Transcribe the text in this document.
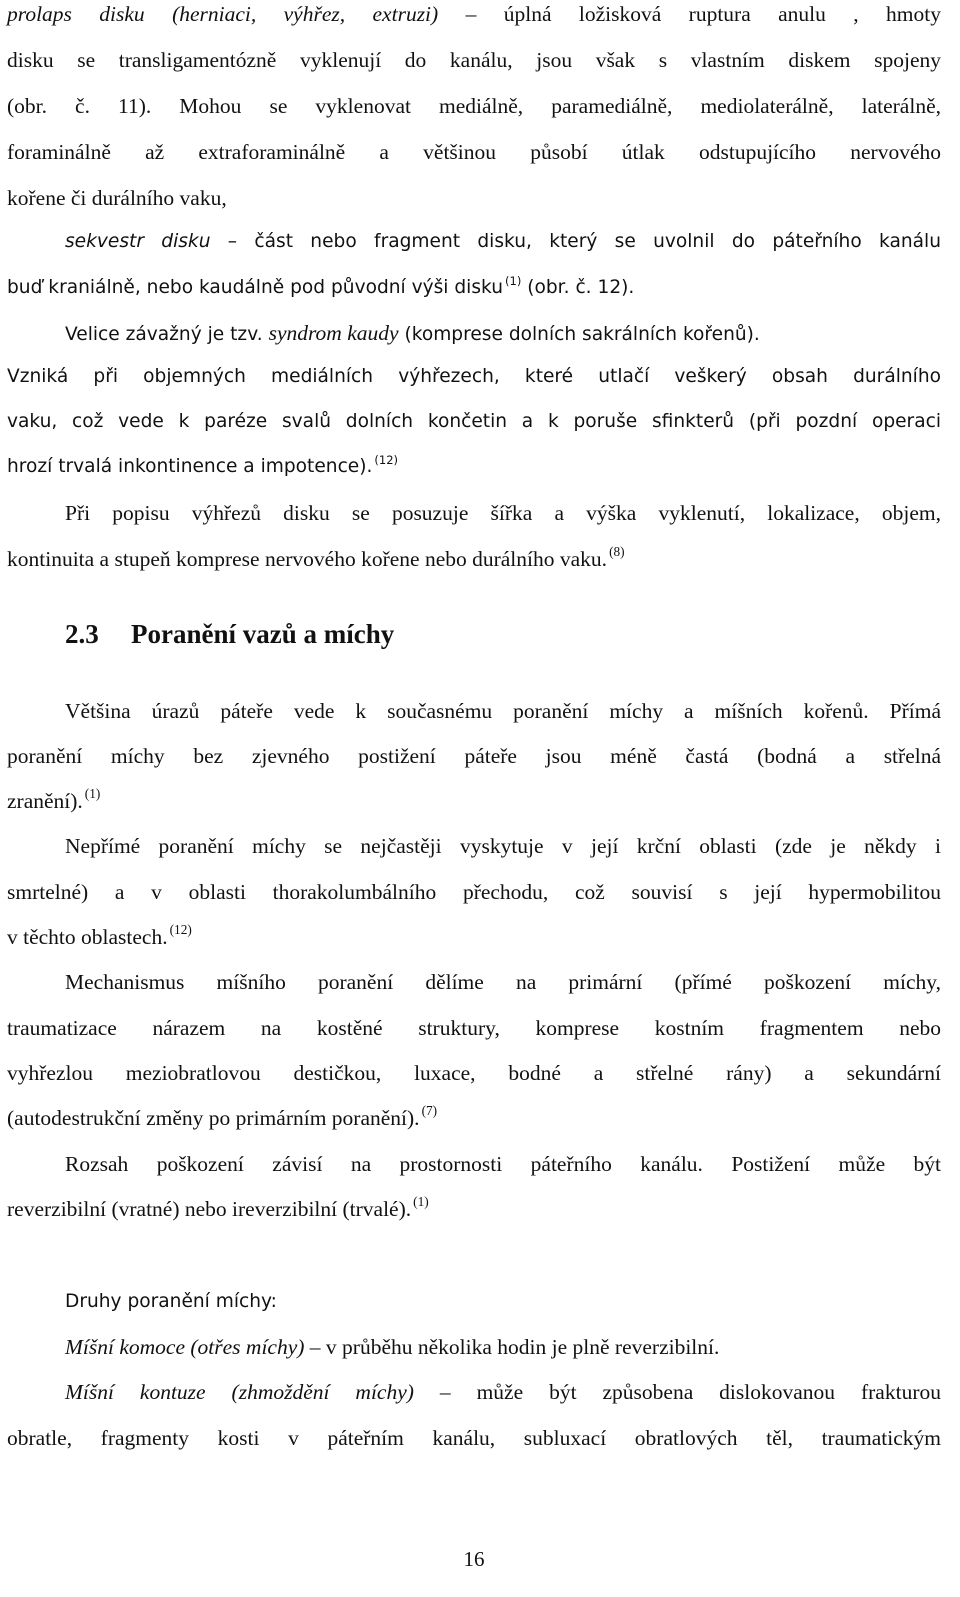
prolaps disku (herniaci, výhřez, extruzi) – úplná ložisková ruptura anulu , hmoty
disku se transligamentózně vyklenují do kanálu, jsou však s vlastním diskem spojeny
(obr. č. 11). Mohou se vyklenovat mediálně, paramediálně, mediolaterálně, laterálně,
foraminálně až extraforaminálně a většinou působí útlak odstupujícího nervového
kořene či durálního vaku,
sekvestr disku – část nebo fragment disku, který se uvolnil do páteřního kanálu
buď kraniálně, nebo kaudálně pod původní výši disku $^{(1)}$ (obr. č. 12).
Velice závažný je tzv. syndrom kaudy (komprese dolních sakrálních kořenů).
Vzniká při objemných mediálních výhřezech, které utlačí veškerý obsah durálního
vaku, což vede k paréze svalů dolních končetin a k poruše sfinkterů (při pozdní operaci
hrozí trvalá inkontinence a impotence). $^{(12)}$
Při popisu výhřezů disku se posuzuje šířka a výška vyklenutí, lokalizace, objem,
kontinuita a stupeň komprese nervového kořene nebo durálního vaku. $^{(8)}$
2.3 Poranění vazů a míchy
Většina úrazů páteře vede k současnému poranění míchy a míšních kořenů. Přímá
poranění míchy bez zjevného postižení páteře jsou méně častá (bodná a střelná
zranění). $^{(1)}$
Nepřímé poranění míchy se nejčastěji vyskytuje v její krční oblasti (zde je někdy i
smrtelné) a v oblasti thorakolumbálního přechodu, což souvisí s její hypermobilitou
v těchto oblastech. $^{(12)}$
Mechanismus míšního poranění dělíme na primární (přímé poškození míchy,
traumatizace nárazem na kostěné struktury, komprese kostním fragmentem nebo
vyhřezlou meziobratlovou destičkou, luxace, bodné a střelné rány) a sekundární
(autodestrukční změny po primárním poranění). $^{(7)}$
Rozsah poškození závisí na prostornosti páteřního kanálu. Postižení může být
reverzibilní (vratné) nebo ireverzibilní (trvalé). $^{(1)}$
Druhy poranění míchy:
Míšní komoce (otřes míchy) – v průběhu několika hodin je plně reverzibilní.
Míšní kontuze (zhmoždění míchy) – může být způsobena dislokovanou frakturou
obratle, fragmenty kosti v páteřním kanálu, subluxací obratlových těl, traumatickým
16
